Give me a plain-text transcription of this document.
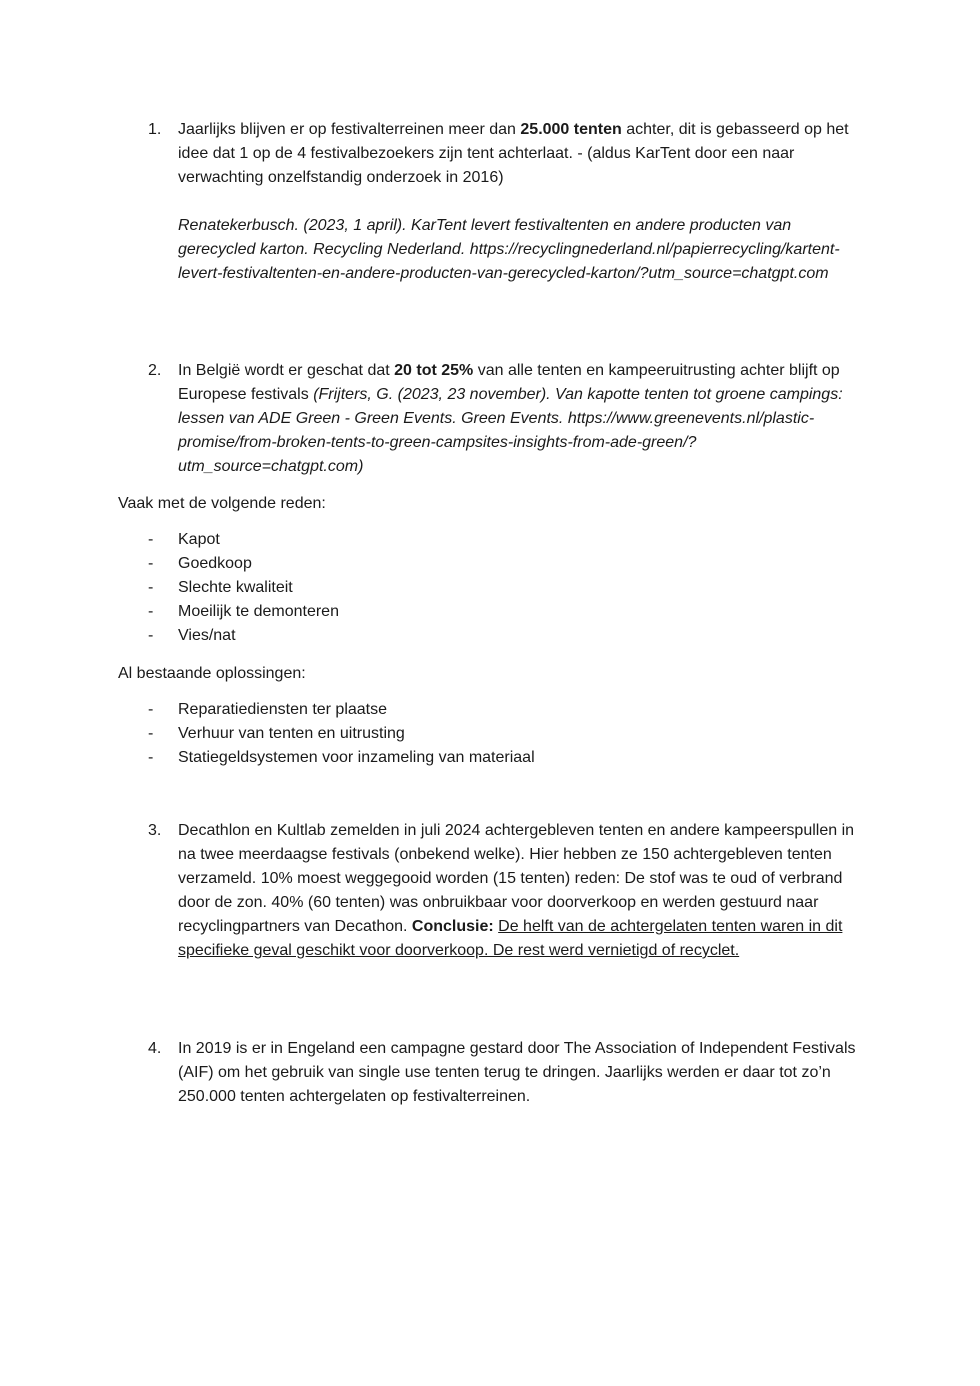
1.	Jaarlijks blijven er op festivalterreinen meer dan 25.000 tenten achter, dit is gebasseerd op het idee dat 1 op de 4 festivalbezoekers zijn tent achterlaat. - (aldus KarTent door een naar verwachting onzelfstandig onderzoek in 2016)

Renatekerbusch. (2023, 1 april). KarTent levert festivaltenten en andere producten van gerecycled karton. Recycling Nederland. https://recyclingnederland.nl/papierrecycling/kartent-levert-festivaltenten-en-andere-producten-van-gerecycled-karton/?utm_source=chatgpt.com

2.	In België wordt er geschat dat 20 tot 25% van alle tenten en kampeeruitrusting achter blijft op Europese festivals (Frijters, G. (2023, 23 november). Van kapotte tenten tot groene campings: lessen van ADE Green - Green Events. Green Events. https://www.greenevents.nl/plastic-promise/from-broken-tents-to-green-campsites-insights-from-ade-green/?utm_source=chatgpt.com)

Vaak met de volgende reden:

- Kapot
- Goedkoop
- Slechte kwaliteit
- Moeilijk te demonteren
- Vies/nat

Al bestaande oplossingen:

- Reparatiediensten ter plaatse
- Verhuur van tenten en uitrusting
- Statiegeldsystemen voor inzameling van materiaal
3.	Decathlon en Kultlab zemelden in juli 2024 achtergebleven tenten en andere kampeerspullen in na twee meerdaagse festivals (onbekend welke). Hier hebben ze 150 achtergebleven tenten verzameld. 10% moest weggegooid worden (15 tenten) reden: De stof was te oud of verbrand door de zon. 40% (60 tenten) was onbruikbaar voor doorverkoop en werden gestuurd naar recyclingpartners van Decathon. Conclusie: De helft van de achtergelaten tenten waren in dit specifieke geval geschikt voor doorverkoop. De rest werd vernietigd of recyclet.

4.	In 2019 is er in Engeland een campagne gestard door The Association of Independent Festivals (AIF) om het gebruik van single use tenten terug te dringen. Jaarlijks werden er daar tot zo’n 250.000 tenten achtergelaten op festivalterreinen.
